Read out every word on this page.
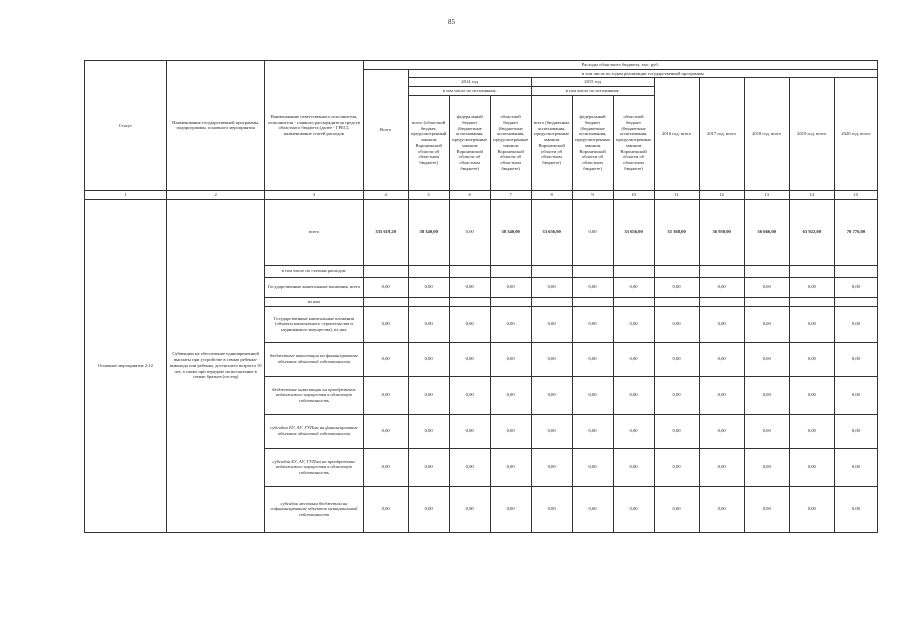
85
Статус	Наименование государственной программы, подпрограммы, основного мероприятия	Наименование ответственного исполнителя, исполнителя - главного распорядителя средств областного бюджета (далее - ГРБС), наименование статей расходов	Расходы областного бюджета, тыс. руб.											
			Всего	в том числе по годам реализации государственной программы										
				2014 год			2015 год			2016 год, всего	2017 год, всего	2018 год, всего	2019 год, всего	2020 год, всего
				в том числе по источникам:			в том числе по источникам:							
				всего (областной бюджет, предусмотренный законом Воронежской области об областном бюджете)	федеральный бюджет (бюджетные ассигнования, предусмотренные законом Воронежской области об областном бюджете)	областной бюджет (бюджетные ассигнования, предусмотренные законом Воронежской области об областном бюджете)	всего (бюджетные ассигнования, предусмотренные законом Воронежской области об областном бюджете)	федеральный бюджет (бюджетные ассигнования, предусмотренные законом Воронежской области об областном бюджете)	областной бюджет (бюджетные ассигнования, предусмотренные законом Воронежской области об областном бюджете)					
1	2	3	4	5	6	7	8	9	10	11	12	13	14	15
Основное мероприятие 2.12	Субвенции на обеспечение единовременной выплаты при устройстве в семью ребенка-инвалида или ребенка, достигшего возраста 10 лет, а также при передаче на воспитание в семью братьев (сестер)	всего	335 619,20	38 340,00	0,00	38 340,00	33 656,00	0,00	33 656,00	35 368,00	36 950,00	56 666,00	63 922,00	70 776,00
		в том числе по статьям расходов:												
		Государственные капитальные вложения, всего	0,00	0,00	0,00	0,00	0,00	0,00	0,00	0,00	0,00	0,00	0,00	0,00
		из них												
		Государственные капитальные вложения (объекты капитального строительства и недвижимого имущества), из них	0,00	0,00	0,00	0,00	0,00	0,00	0,00	0,00	0,00	0,00	0,00	0,00
		бюджетные инвестиции на финансирование объектов областной собственности	0,00	0,00	0,00	0,00	0,00	0,00	0,00	0,00	0,00	0,00	0,00	0,00
		бюджетные инвестиции на приобретение недвижимого имущества в областную собственность	0,00	0,00	0,00	0,00	0,00	0,00	0,00	0,00	0,00	0,00	0,00	0,00
		субсидии БУ, АУ, ГУПам на финансирование объектов областной собственности	0,00	0,00	0,00	0,00	0,00	0,00	0,00	0,00	0,00	0,00	0,00	0,00
		субсидии БУ, АУ, ГУПам на приобретение недвижимого имущества в областную собственность	0,00	0,00	0,00	0,00	0,00	0,00	0,00	0,00	0,00	0,00	0,00	0,00
		субсидии местным бюджетам на софинансирование объектов муниципальной собственности	0,00	0,00	0,00	0,00	0,00	0,00	0,00	0,00	0,00	0,00	0,00	0,00
